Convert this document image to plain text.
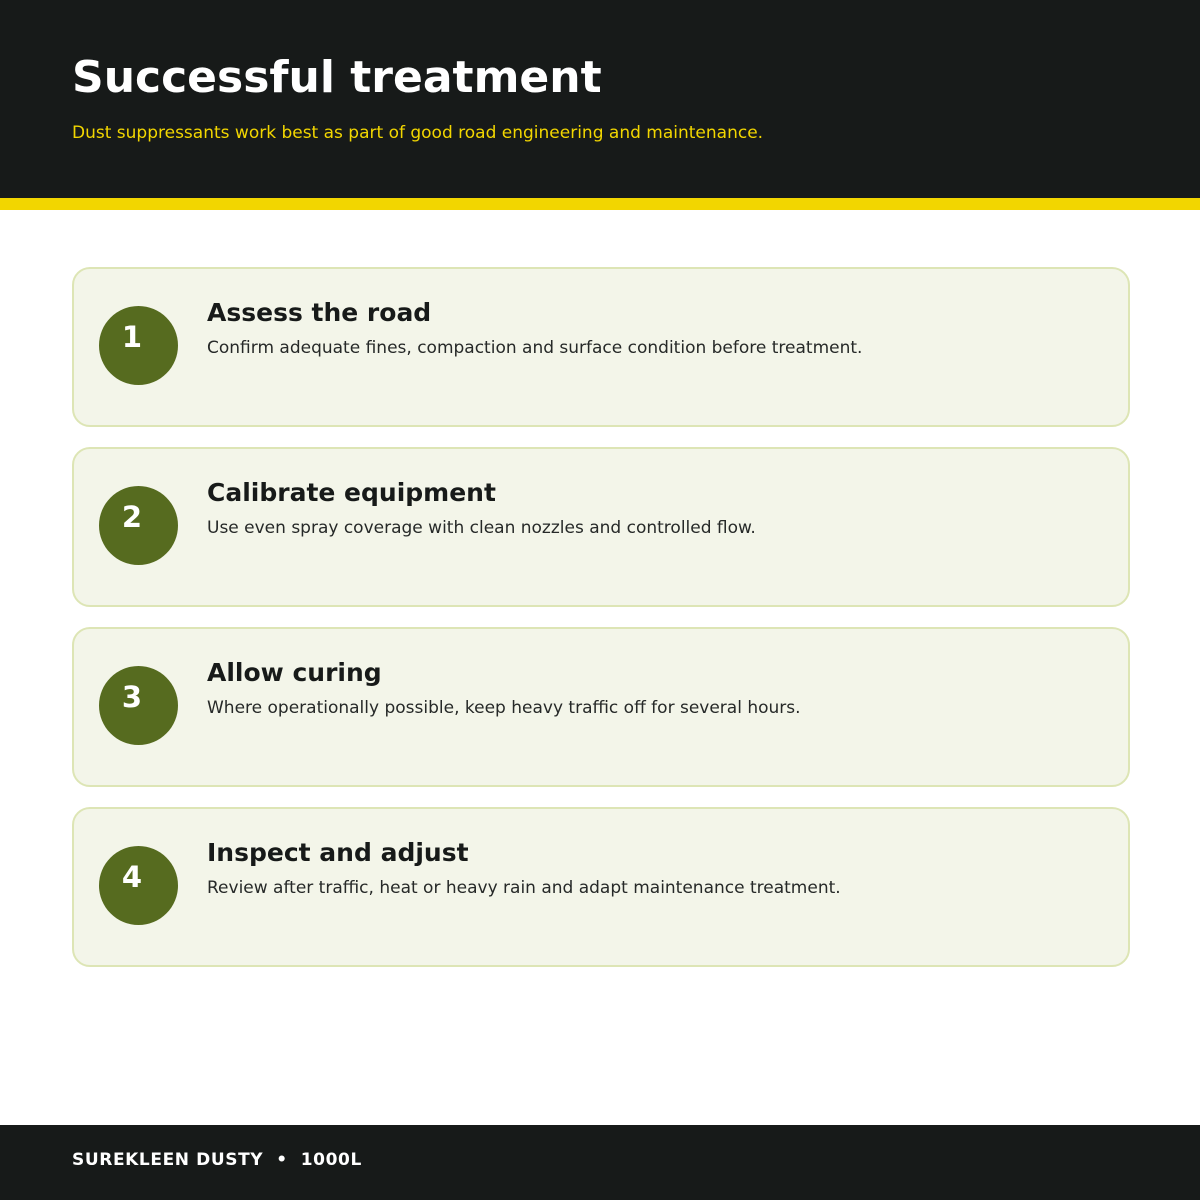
Successful treatment

Dust suppressants work best as part of good road engineering and maintenance.

1
Assess the road

Confirm adequate fines, compaction and surface condition before treatment.

2
Calibrate equipment

Use even spray coverage with clean nozzles and controlled flow.

3
Allow curing

Where operationally possible, keep heavy traffic off for several hours.

4
Inspect and adjust

Review after traffic, heat or heavy rain and adapt maintenance treatment.

SUREKLEEN DUSTY  •  1000L
